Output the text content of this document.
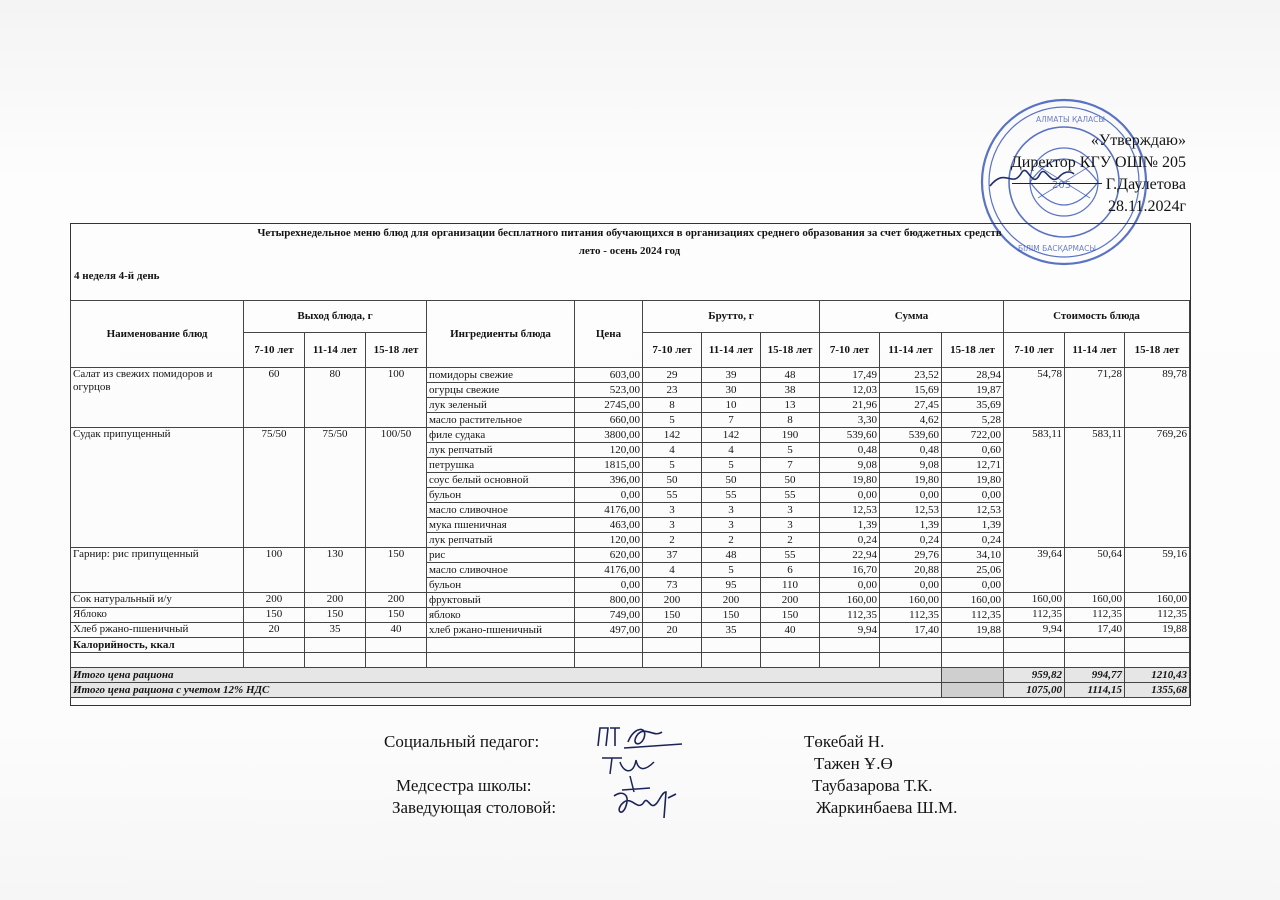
АЛМАТЫ ҚАЛАСЫ
БІЛІМ БАСҚАРМАСЫ
205
«Утверждаю»
Директор КГУ ОШ№ 205
Г.Даулетова
28.11.2024г
Четырехнедельное меню блюд для организации бесплатного питания обучающихся в организациях среднего образования за счет бюджетных средств
лето - осень 2024 год
4 неделя 4-й день
Наименование блюд	Выход блюда, г			Ингредиенты блюда	Цена	Брутто, г			Сумма			Стоимость блюда		
	7-10 лет	11-14 лет	15-18 лет			7-10 лет	11-14 лет	15-18 лет	7-10 лет	11-14 лет	15-18 лет	7-10 лет	11-14 лет	15-18 лет
Салат из свежих помидоров и огурцов	60	80	100	помидоры свежие	603,00	29	39	48	17,49	23,52	28,94	54,78	71,28	89,78
				огурцы свежие	523,00	23	30	38	12,03	15,69	19,87			
				лук зеленый	2745,00	8	10	13	21,96	27,45	35,69			
				масло растительное	660,00	5	7	8	3,30	4,62	5,28			
Судак припущенный	75/50	75/50	100/50	филе судака	3800,00	142	142	190	539,60	539,60	722,00	583,11	583,11	769,26
				лук репчатый	120,00	4	4	5	0,48	0,48	0,60			
				петрушка	1815,00	5	5	7	9,08	9,08	12,71			
				соус белый основной	396,00	50	50	50	19,80	19,80	19,80			
				бульон	0,00	55	55	55	0,00	0,00	0,00			
				масло сливочное	4176,00	3	3	3	12,53	12,53	12,53			
				мука пшеничная	463,00	3	3	3	1,39	1,39	1,39			
				лук репчатый	120,00	2	2	2	0,24	0,24	0,24			
Гарнир: рис припущенный	100	130	150	рис	620,00	37	48	55	22,94	29,76	34,10	39,64	50,64	59,16
				масло сливочное	4176,00	4	5	6	16,70	20,88	25,06			
				бульон	0,00	73	95	110	0,00	0,00	0,00			
Сок натуральный и/у	200	200	200	фруктовый	800,00	200	200	200	160,00	160,00	160,00	160,00	160,00	160,00
Яблоко	150	150	150	яблоко	749,00	150	150	150	112,35	112,35	112,35	112,35	112,35	112,35
Хлеб ржано-пшеничный	20	35	40	хлеб ржано-пшеничный	497,00	20	35	40	9,94	17,40	19,88	9,94	17,40	19,88
Калорийность, ккал														

Итого цена рациона												959,82	994,77	1210,43
Итого цена рациона с учетом 12% НДС												1075,00	1114,15	1355,68
Социальный педагог:	Төкебай Н.
Тажен Ұ.Ө
Медсестра школы:	Таубазарова Т.К.
Заведующая столовой:	Жаркинбаева Ш.М.
